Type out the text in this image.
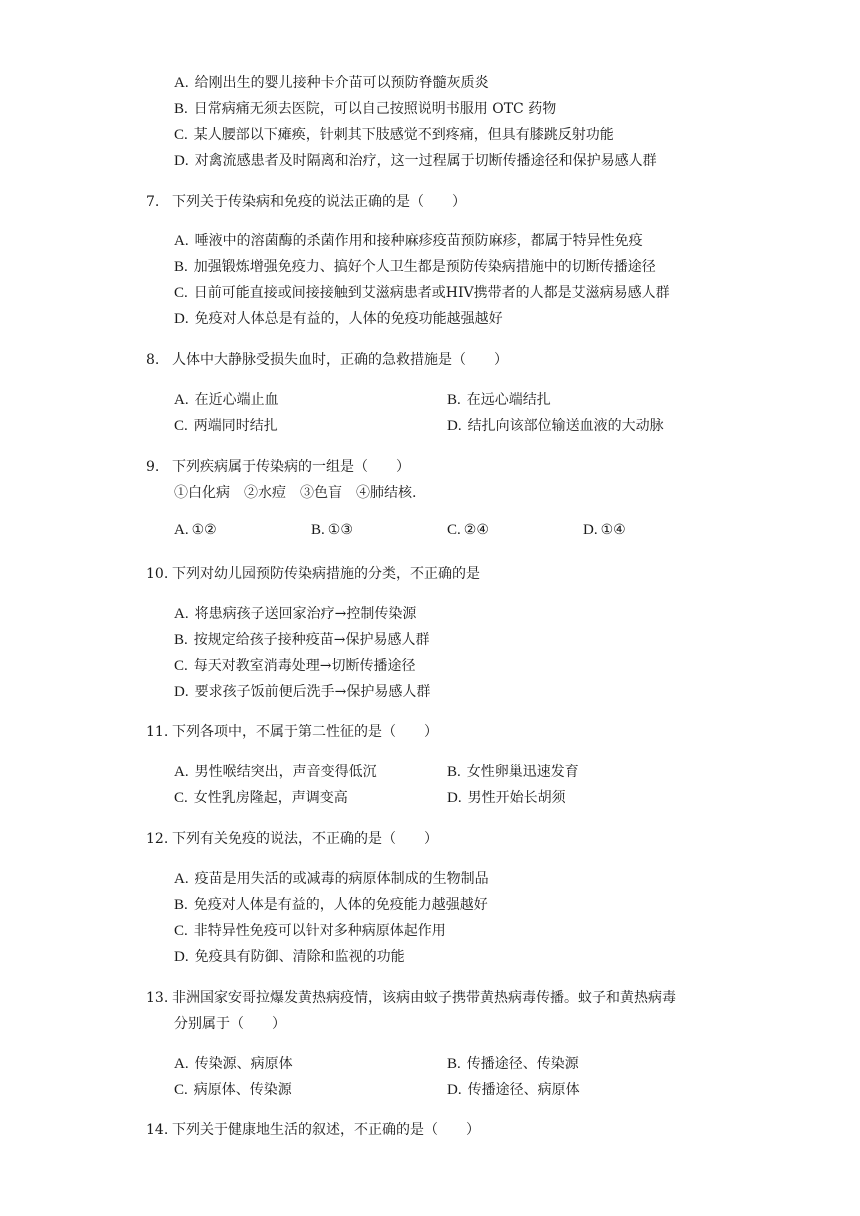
A. 给刚出生的婴儿接种卡介苗可以预防脊髓灰质炎
B. 日常病痛无须去医院，可以自己按照说明书服用 OTC 药物
C. 某人腰部以下瘫痪，针刺其下肢感觉不到疼痛，但具有膝跳反射功能
D. 对禽流感患者及时隔离和治疗，这一过程属于切断传播途径和保护易感人群
7. 下列关于传染病和免疫的说法正确的是（　　）
A. 唾液中的溶菌酶的杀菌作用和接种麻疹疫苗预防麻疹，都属于特异性免疫
B. 加强锻炼增强免疫力、搞好个人卫生都是预防传染病措施中的切断传播途径
C. 日前可能直接或间接接触到艾滋病患者或HIV携带者的人都是艾滋病易感人群
D. 免疫对人体总是有益的，人体的免疫功能越强越好
8. 人体中大静脉受损失血时，正确的急救措施是（　　）
A. 在近心端止血	B. 在远心端结扎
C. 两端同时结扎	D. 结扎向该部位输送血液的大动脉
9. 下列疾病属于传染病的一组是（　　）
①白化病　②水痘　③色盲　④肺结核.
A. ①②	B. ①③	C. ②④	D. ①④
10. 下列对幼儿园预防传染病措施的分类，不正确的是
A. 将患病孩子送回家治疗→控制传染源
B. 按规定给孩子接种疫苗→保护易感人群
C. 每天对教室消毒处理→切断传播途径
D. 要求孩子饭前便后洗手→保护易感人群
11. 下列各项中，不属于第二性征的是（　　）
A. 男性喉结突出，声音变得低沉	B. 女性卵巢迅速发育
C. 女性乳房隆起，声调变高	D. 男性开始长胡须
12. 下列有关免疫的说法，不正确的是（　　）
A. 疫苗是用失活的或减毒的病原体制成的生物制品
B. 免疫对人体是有益的，人体的免疫能力越强越好
C. 非特异性免疫可以针对多种病原体起作用
D. 免疫具有防御、清除和监视的功能
13. 非洲国家安哥拉爆发黄热病疫情，该病由蚊子携带黄热病毒传播。蚊子和黄热病毒
分别属于（　　）
A. 传染源、病原体	B. 传播途径、传染源
C. 病原体、传染源	D. 传播途径、病原体
14. 下列关于健康地生活的叙述，不正确的是（　　）
